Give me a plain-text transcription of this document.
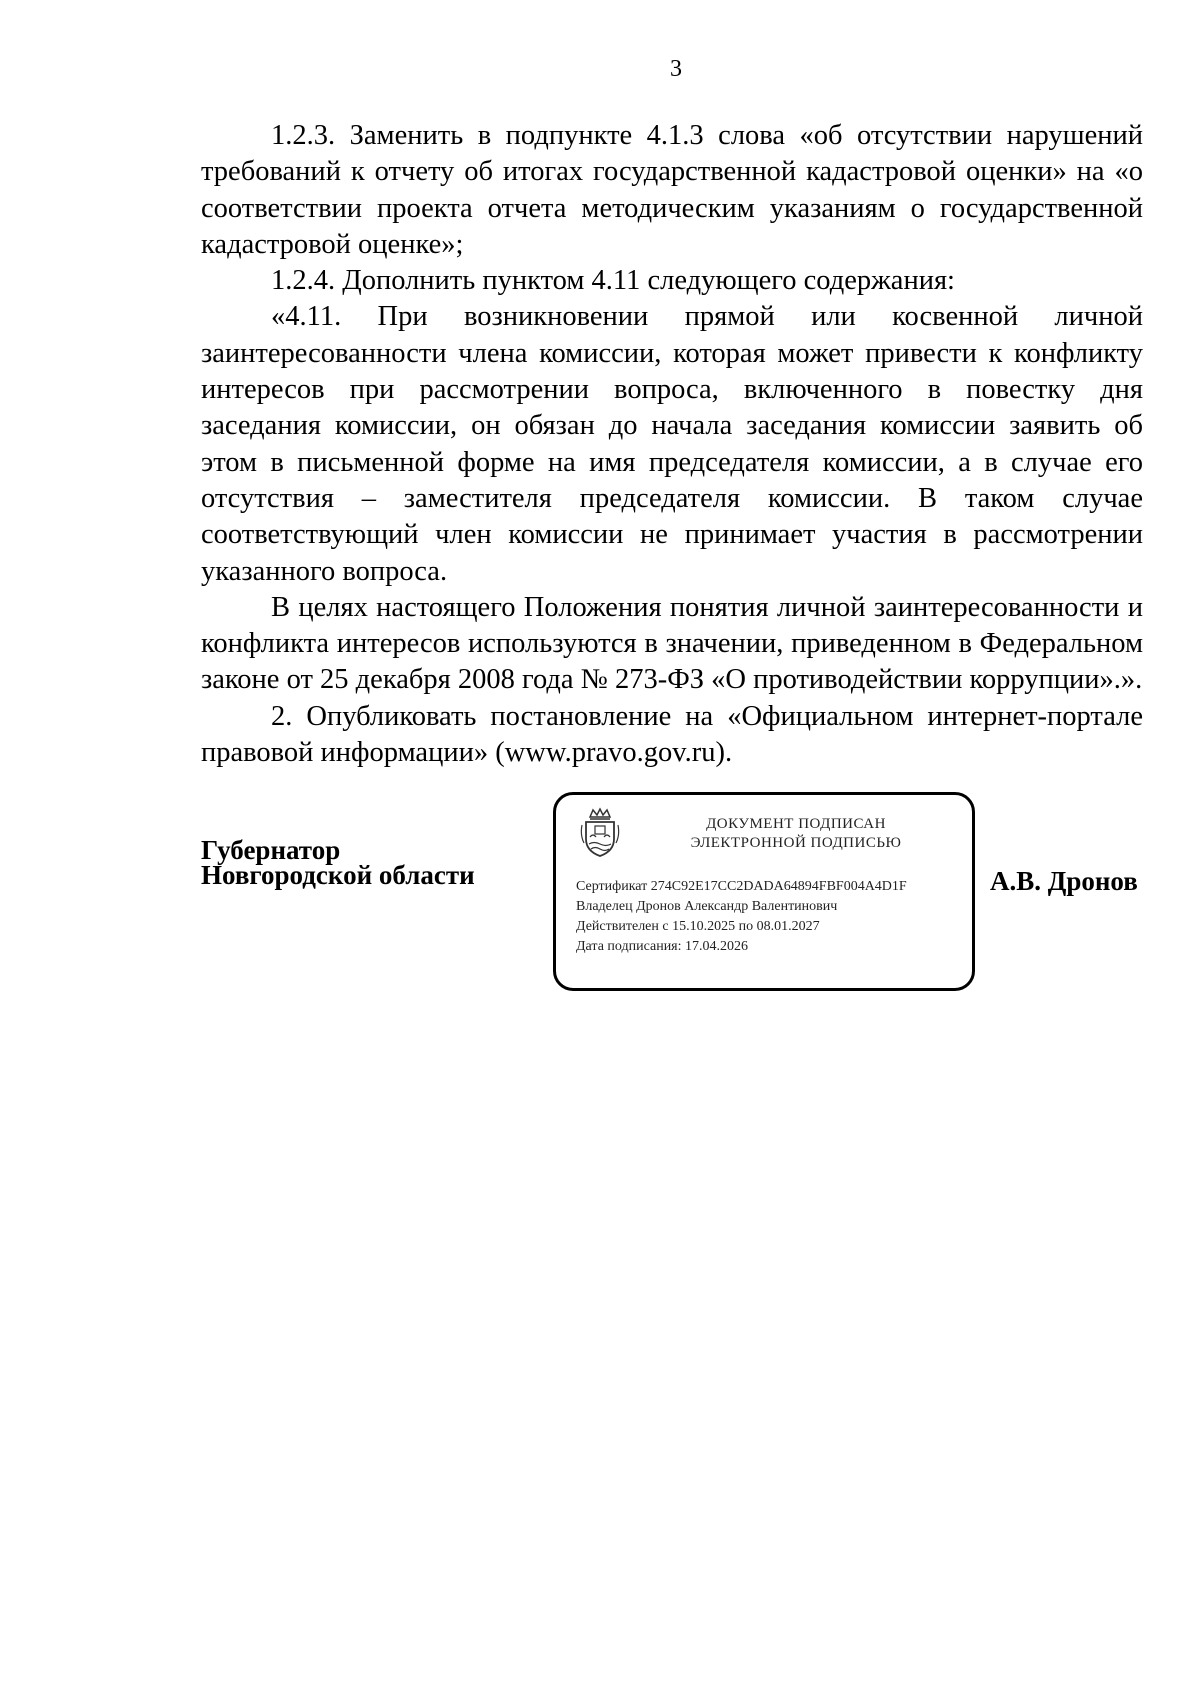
3

1.2.3. Заменить в подпункте 4.1.3 слова «об отсутствии нарушений требований к отчету об итогах государственной кадастровой оценки» на «о соответствии проекта отчета методическим указаниям о государственной кадастровой оценке»;

1.2.4. Дополнить пунктом 4.11 следующего содержания:

«4.11. При возникновении прямой или косвенной личной заинтересованности члена комиссии, которая может привести к конфликту интересов при рассмотрении вопроса, включенного в повестку дня заседания комиссии, он обязан до начала заседания комиссии заявить об этом в письменной форме на имя председателя комиссии, а в случае его отсутствия – заместителя председателя комиссии. В таком случае соответствующий член комиссии не принимает участия в рассмотрении указанного вопроса.

В целях настоящего Положения понятия личной заинтересованности и конфликта интересов используются в значении, приведенном в Федеральном законе от 25 декабря 2008 года № 273-ФЗ «О противодействии коррупции».».

2. Опубликовать постановление на «Официальном интернет-портале правовой информации» (www.pravo.gov.ru).

Губернатор
Новгородской области
ДОКУМЕНТ ПОДПИСАН
ЭЛЕКТРОННОЙ ПОДПИСЬЮ
Сертификат 274C92E17CC2DADA64894FBF004A4D1F
Владелец Дронов Александр Валентинович
Действителен с 15.10.2025 по 08.01.2027
Дата подписания: 17.04.2026
А.В. Дронов
